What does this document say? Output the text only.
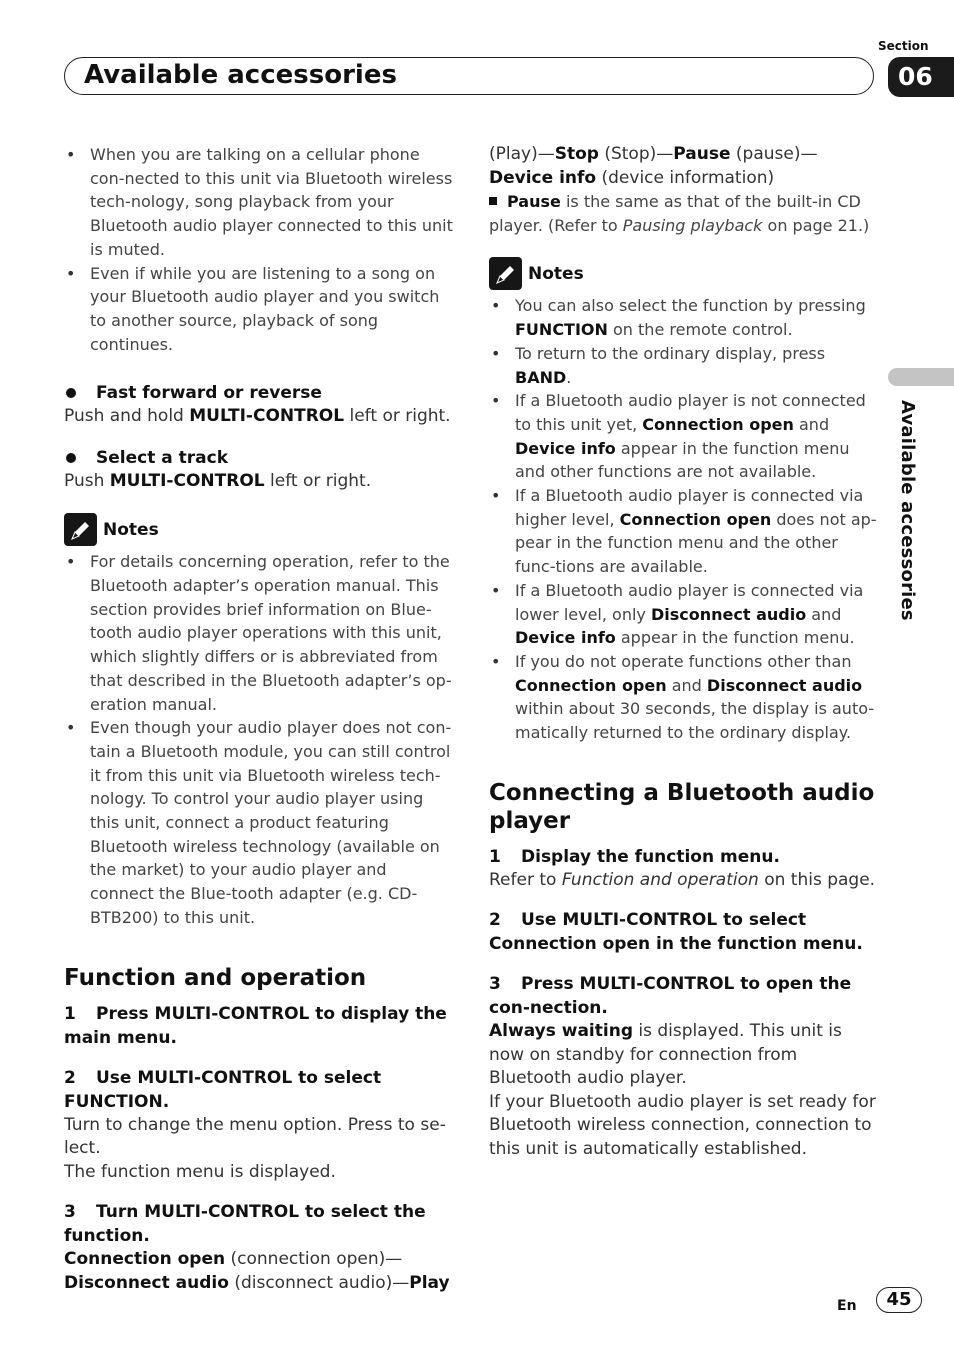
Available accessories
Section
06
Available accessories
• When you are talking on a cellular phone con-nected to this unit via Bluetooth wireless tech-nology, song playback from your Bluetooth audio player connected to this unit is muted.
• Even if while you are listening to a song on your Bluetooth audio player and you switch to another source, playback of song continues.
Fast forward or reverse

Push and hold MULTI-CONTROL left or right.

Select a track

Push MULTI-CONTROL left or right.

Notes
• For details concerning operation, refer to the Bluetooth adapter’s operation manual. This section provides brief information on Blue-tooth audio player operations with this unit, which slightly differs or is abbreviated from that described in the Bluetooth adapter’s op-eration manual.
• Even though your audio player does not con-tain a Bluetooth module, you can still control it from this unit via Bluetooth wireless tech-nology. To control your audio player using this unit, connect a product featuring Bluetooth wireless technology (available on the market) to your audio player and connect the Blue-tooth adapter (e.g. CD-BTB200) to this unit.
Function and operation

1 Press MULTI-CONTROL to display the main menu.

2 Use MULTI-CONTROL to select FUNCTION.

Turn to change the menu option. Press to se-lect.

The function menu is displayed.

3 Turn MULTI-CONTROL to select the function.

Connection open (connection open)—
Disconnect audio (disconnect audio)—Play

(Play)—Stop (Stop)—Pause (pause)—
Device info (device information)

Pause is the same as that of the built-in CD player. (Refer to Pausing playback on page 21.)

Notes
• You can also select the function by pressing FUNCTION on the remote control.
• To return to the ordinary display, press BAND.
• If a Bluetooth audio player is not connected to this unit yet, Connection open and Device info appear in the function menu and other functions are not available.
• If a Bluetooth audio player is connected via higher level, Connection open does not ap-pear in the function menu and the other func-tions are available.
• If a Bluetooth audio player is connected via lower level, only Disconnect audio and Device info appear in the function menu.
• If you do not operate functions other than Connection open and Disconnect audio within about 30 seconds, the display is auto-matically returned to the ordinary display.
Connecting a Bluetooth audio player

1 Display the function menu.

Refer to Function and operation on this page.

2 Use MULTI-CONTROL to select Connection open in the function menu.

3 Press MULTI-CONTROL to open the con-nection.

Always waiting is displayed. This unit is now on standby for connection from Bluetooth audio player.

If your Bluetooth audio player is set ready for Bluetooth wireless connection, connection to this unit is automatically established.

En	45
